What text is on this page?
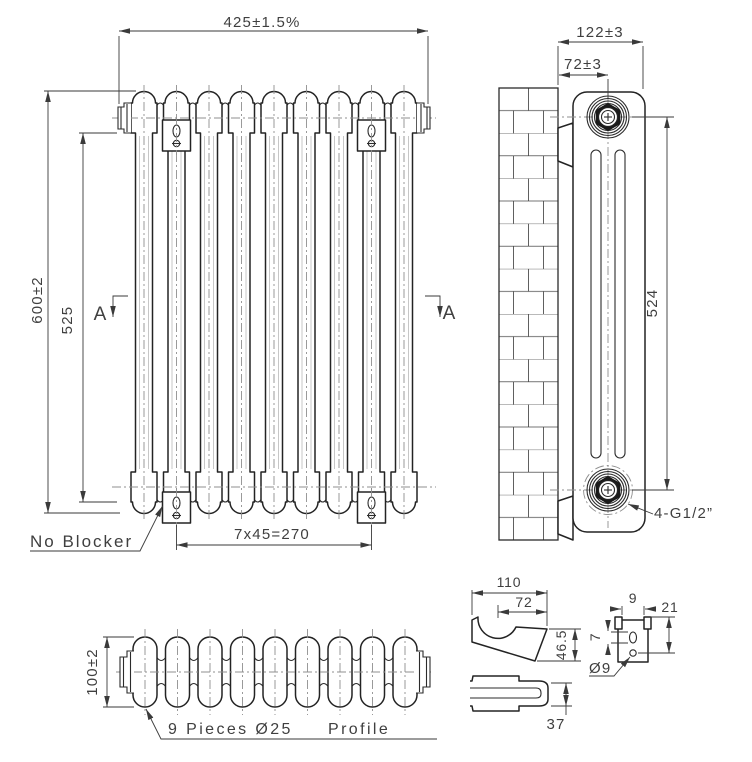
425±1.5%
600±2 525
7x45=270
No Blocker
A	A
122±3
72±3
524
4-G1/2”
100±2
9 Pieces Ø25 Profile
110
72
46.5
9
21
7
Ø9
37
